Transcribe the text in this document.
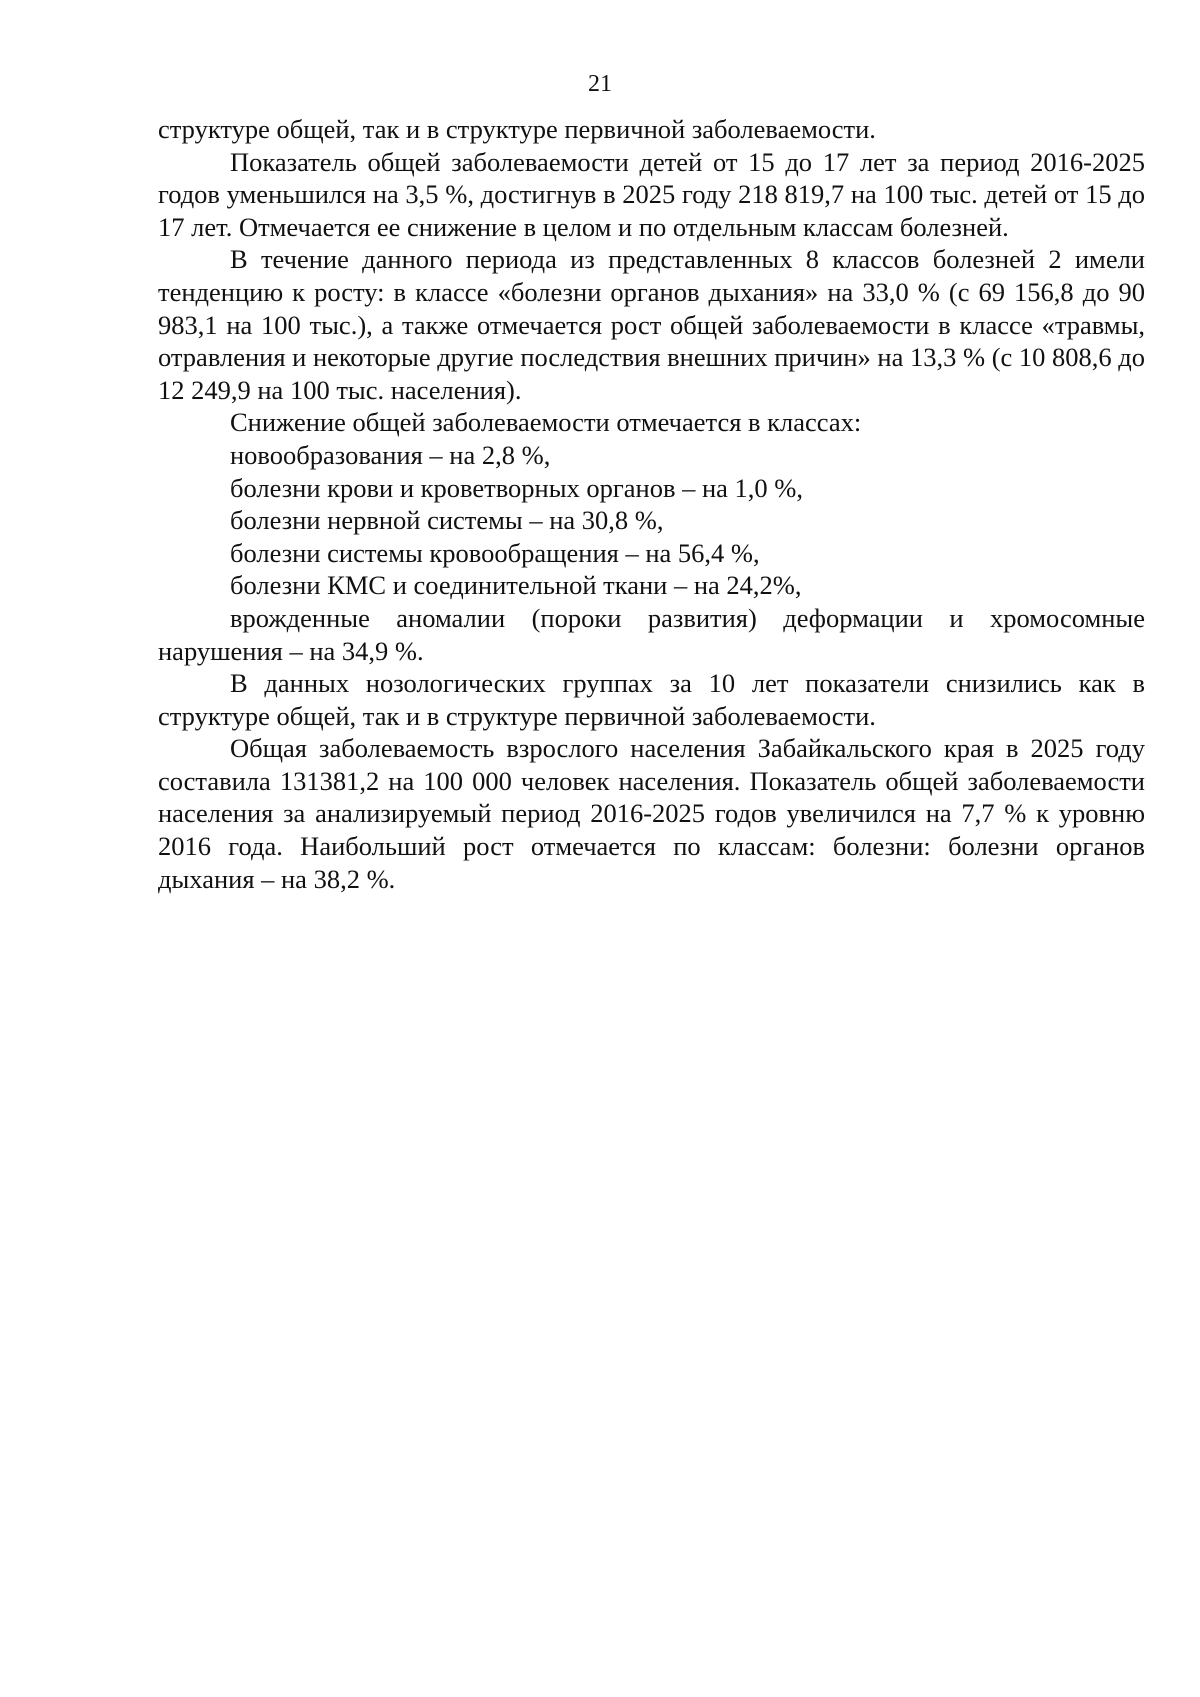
21

структуре общей, так и в структуре первичной заболеваемости.

Показатель общей заболеваемости детей от 15 до 17 лет за период 2016-2025 годов уменьшился на 3,5 %, достигнув в 2025 году 218 819,7 на 100 тыс. детей от 15 до 17 лет. Отмечается ее снижение в целом и по отдельным классам болезней.

В течение данного периода из представленных 8 классов болезней 2 имели тенденцию к росту: в классе «болезни органов дыхания» на 33,0 % (с 69 156,8 до 90 983,1 на 100 тыс.), а также отмечается рост общей заболеваемости в классе «травмы, отравления и некоторые другие последствия внешних причин» на 13,3 % (с 10 808,6 до 12 249,9 на 100 тыс. населения).

Снижение общей заболеваемости отмечается в классах:

новообразования – на 2,8 %,

болезни крови и кроветворных органов – на 1,0 %,

болезни нервной системы – на 30,8 %,

болезни системы кровообращения – на 56,4 %,

болезни КМС и соединительной ткани – на 24,2%,

врожденные аномалии (пороки развития) деформации и хромосомные нарушения – на 34,9 %.

В данных нозологических группах за 10 лет показатели снизились как в структуре общей, так и в структуре первичной заболеваемости.

Общая заболеваемость взрослого населения Забайкальского края в 2025 году составила 131381,2 на 100 000 человек населения. Показатель общей заболеваемости населения за анализируемый период 2016-2025 годов увеличился на 7,7 % к уровню 2016 года. Наибольший рост отмечается по классам: болезни: болезни органов дыхания – на 38,2 %.
